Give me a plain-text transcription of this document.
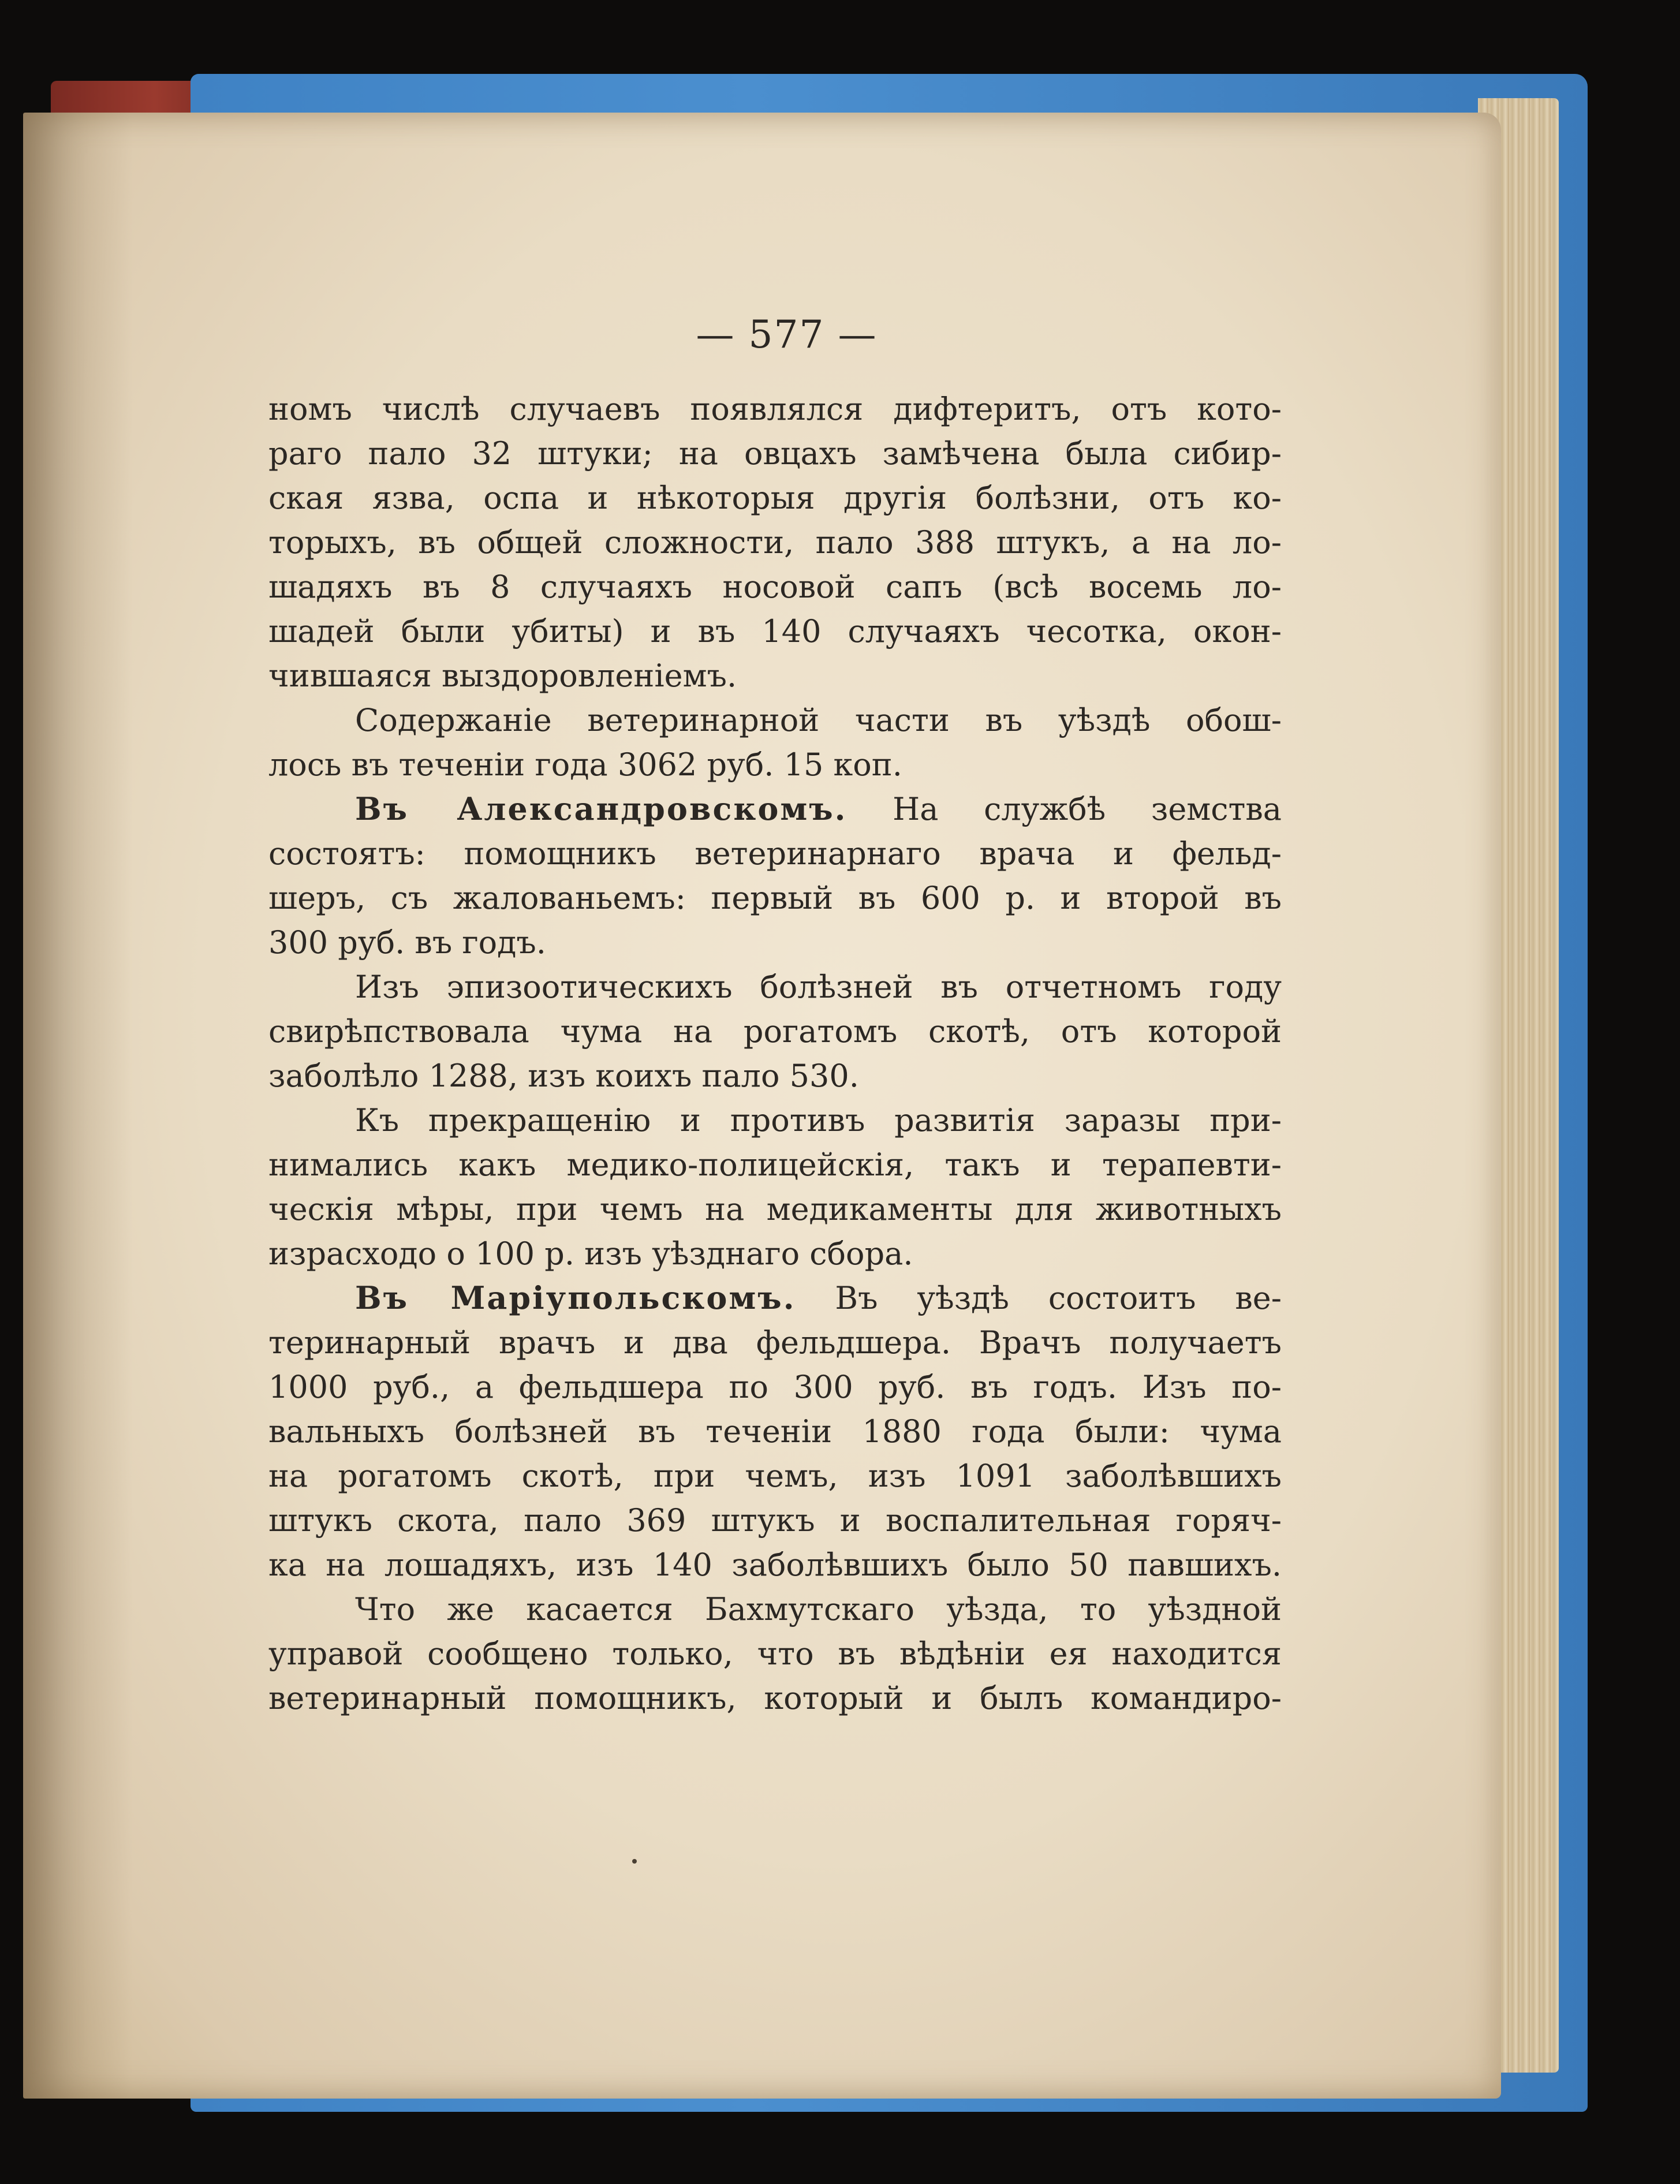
— 577 —
номъ числѣ случаевъ появлялся дифтеритъ, отъ кото-
раго пало 32 штуки; на овцахъ замѣчена была сибир-
ская язва, оспа и нѣкоторыя другія болѣзни, отъ ко-
торыхъ, въ общей сложности, пало 388 штукъ, а на ло-
шадяхъ въ 8 случаяхъ носовой сапъ (всѣ восемь ло-
шадей были убиты) и въ 140 случаяхъ чесотка, окон-
чившаяся выздоровленіемъ.
Содержаніе ветеринарной части въ уѣздѣ обош-
лось въ теченіи года 3062 руб. 15 коп.
Въ Александровскомъ. На службѣ земства
состоятъ: помощникъ ветеринарнаго врача и фельд-
шеръ, съ жалованьемъ: первый въ 600 р. и второй въ
300 руб. въ годъ.
Изъ эпизоотическихъ болѣзней въ отчетномъ году
свирѣпствовала чума на рогатомъ скотѣ, отъ которой
заболѣло 1288, изъ коихъ пало 530.
Къ прекращенію и противъ развитія заразы при-
нимались какъ медико-полицейскія, такъ и терапевти-
ческія мѣры, при чемъ на медикаменты для животныхъ
израсходо о 100 р. изъ уѣзднаго сбора.
Въ Маріупольскомъ. Въ уѣздѣ состоитъ ве-
теринарный врачъ и два фельдшера. Врачъ получаетъ
1000 руб., а фельдшера по 300 руб. въ годъ. Изъ по-
вальныхъ болѣзней въ теченіи 1880 года были: чума
на рогатомъ скотѣ, при чемъ, изъ 1091 заболѣвшихъ
штукъ скота, пало 369 штукъ и воспалительная горяч-
ка на лошадяхъ, изъ 140 заболѣвшихъ было 50 павшихъ.
Что же касается Бахмутскаго уѣзда, то уѣздной
управой сообщено только, что въ вѣдѣніи ея находится
ветеринарный помощникъ, который и былъ командиро-
